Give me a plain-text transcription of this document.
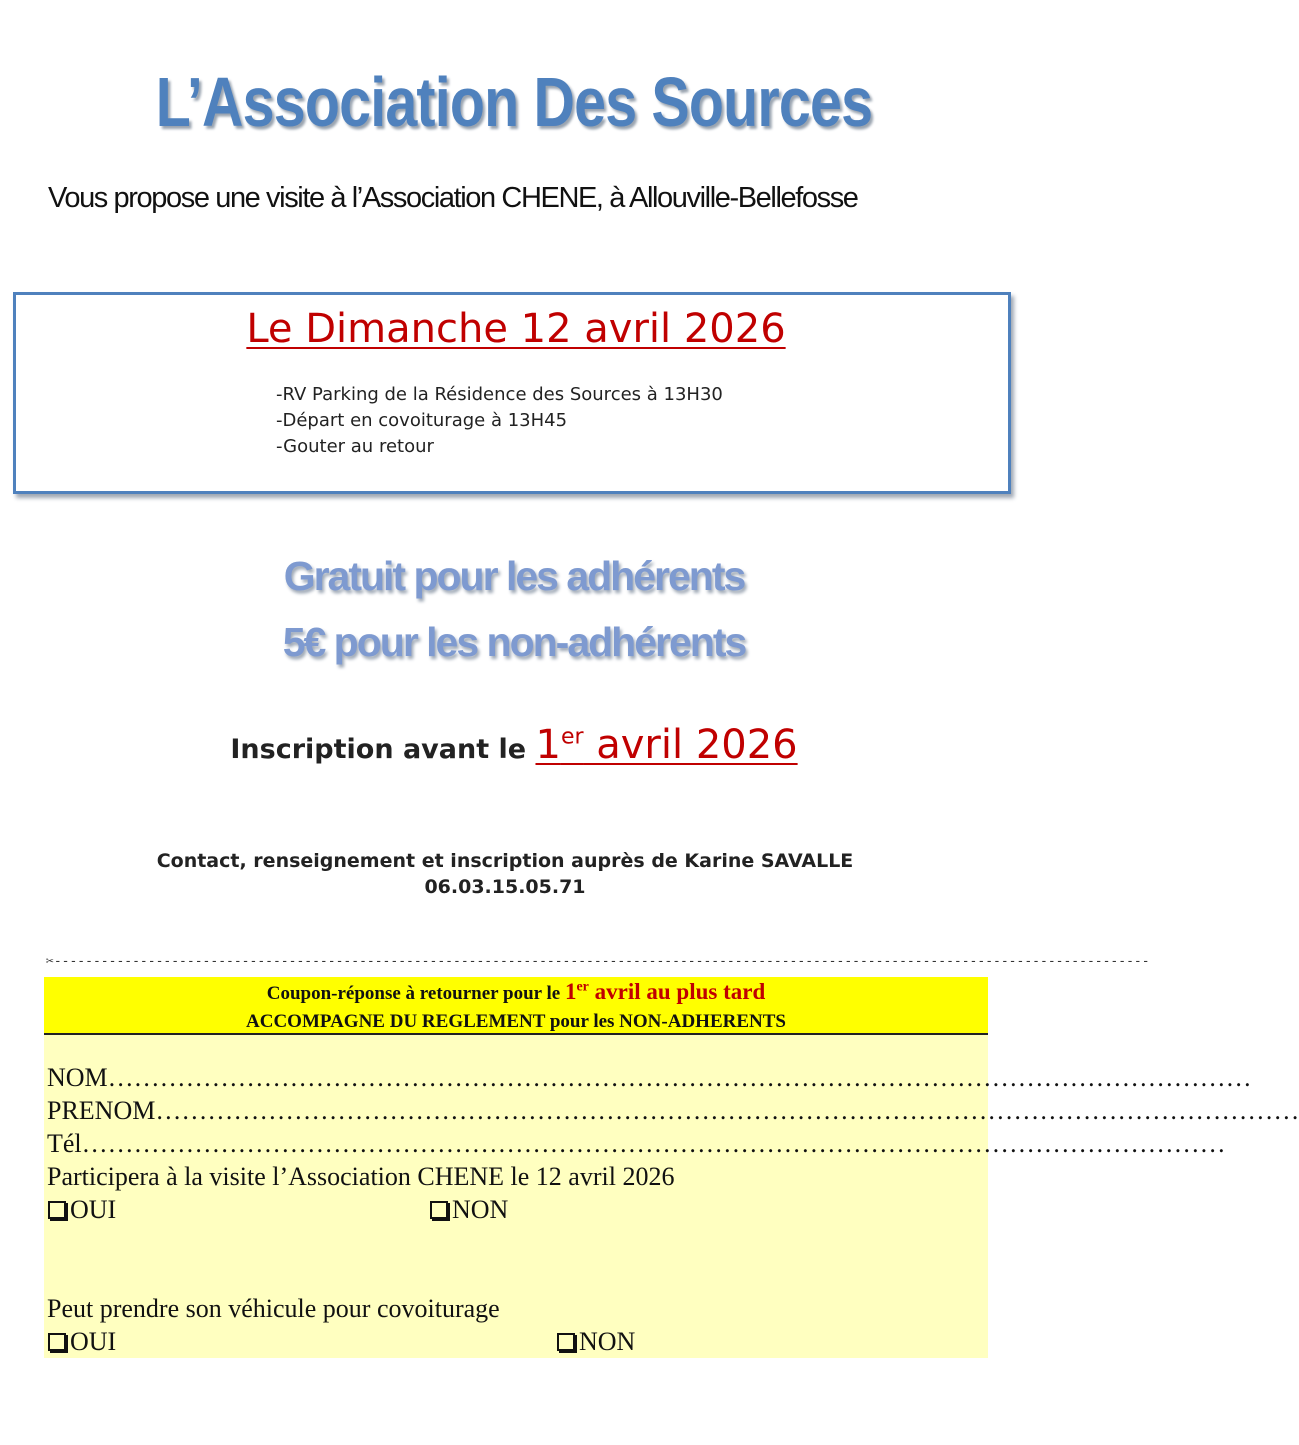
L’Association Des Sources
Vous propose une visite à l’Association CHENE, à Allouville-Bellefosse
Le Dimanche 12 avril 2026
-RV Parking de la Résidence des Sources à 13H30
-Départ en covoiturage à 13H45
-Gouter au retour
Gratuit pour les adhérents
5€ pour les non-adhérents
Inscription avant le 1er avril 2026
Contact, renseignement et inscription auprès de Karine SAVALLE
06.03.15.05.71
✂--------------------------------------------------------------------------------------------------------------------------------------------
Coupon-réponse à retourner pour le 1er avril au plus tard
ACCOMPAGNE DU REGLEMENT pour les NON-ADHERENTS
NOM ……………………………………………………………………………………………………………………
PRENOM ……………………………………………………………………………………………………………………
Tél ……………………………………………………………………………………………………………………
Participera à la visite l’Association CHENE le 12 avril 2026
OUI	NON
Peut prendre son véhicule pour covoiturage
OUI	NON
